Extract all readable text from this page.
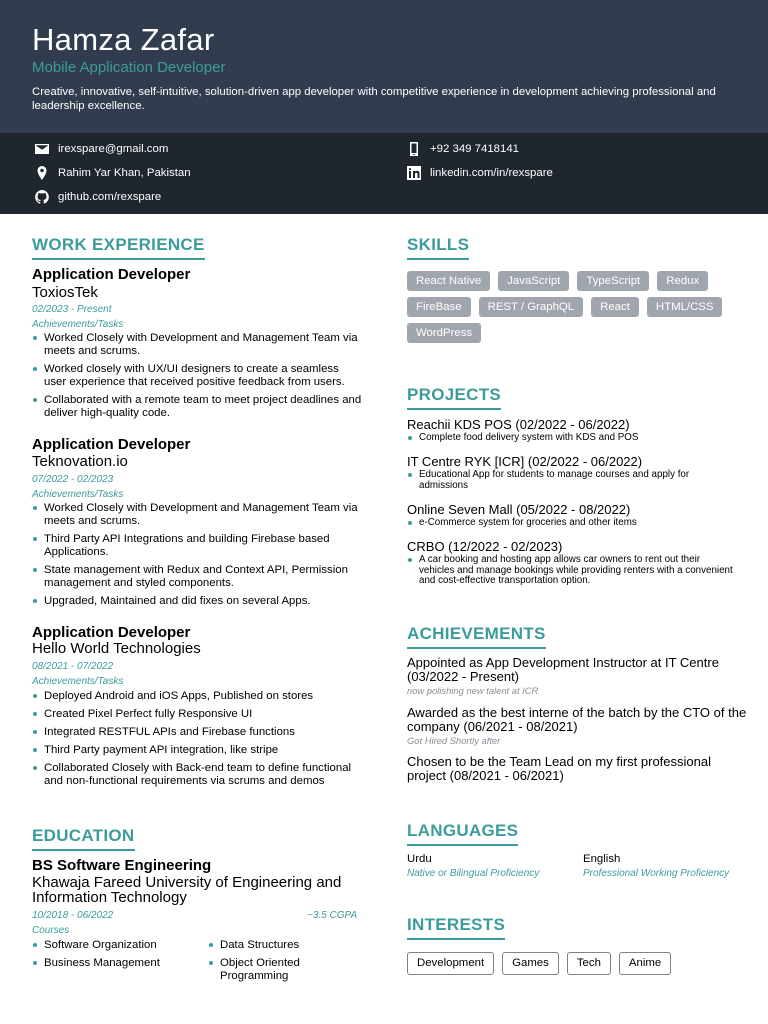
Hamza Zafar
Mobile Application Developer
Creative, innovative, self-intuitive, solution-driven app developer with competitive experience in development achieving professional and leadership excellence.
irexspare@gmail.com	+92 349 7418141
Rahim Yar Khan, Pakistan	linkedin.com/in/rexspare
github.com/rexspare
WORK EXPERIENCE
Application Developer
ToxiosTek
02/2023 - Present
Achievements/Tasks
Worked Closely with Development and Management Team via meets and scrums.
Worked closely with UX/UI designers to create a seamless user experience that received positive feedback from users.
Collaborated with a remote team to meet project deadlines and deliver high-quality code.
Application Developer
Teknovation.io
07/2022 - 02/2023
Achievements/Tasks
Worked Closely with Development and Management Team via meets and scrums.
Third Party API Integrations and building Firebase based Applications.
State management with Redux and Context API, Permission management and styled components.
Upgraded, Maintained and did fixes on several Apps.
Application Developer
Hello World Technologies
08/2021 - 07/2022
Achievements/Tasks
Deployed Android and iOS Apps, Published on stores
Created Pixel Perfect fully Responsive UI
Integrated RESTFUL APIs and Firebase functions
Third Party payment API integration, like stripe
Collaborated Closely with Back-end team to define functional and non-functional requirements via scrums and demos
EDUCATION
BS Software Engineering
Khawaja Fareed University of Engineering and Information Technology
10/2018 - 06/2022	~3.5 CGPA
Courses
Software Organization
Business Management
Data Structures
Object Oriented Programming
SKILLS
React Native	JavaScript	TypeScript	Redux
FireBase	REST / GraphQL	React	HTML/CSS
WordPress
PROJECTS
Reachii KDS POS (02/2022 - 06/2022)
Complete food delivery system with KDS and POS
IT Centre RYK [ICR] (02/2022 - 06/2022)
Educational App for students to manage courses and apply for admissions
Online Seven Mall (05/2022 - 08/2022)
e-Commerce system for groceries and other items
CRBO (12/2022 - 02/2023)
A car booking and hosting app allows car owners to rent out their vehicles and manage bookings while providing renters with a convenient and cost-effective transportation option.
ACHIEVEMENTS
Appointed as App Development Instructor at IT Centre (03/2022 - Present)
now polishing new talent at ICR
Awarded as the best interne of the batch by the CTO of the company (06/2021 - 08/2021)
Got Hired Shortly after
Chosen to be the Team Lead on my first professional project (08/2021 - 06/2021)
LANGUAGES
Urdu
Native or Bilingual Proficiency
English
Professional Working Proficiency
INTERESTS
Development	Games	Tech	Anime
